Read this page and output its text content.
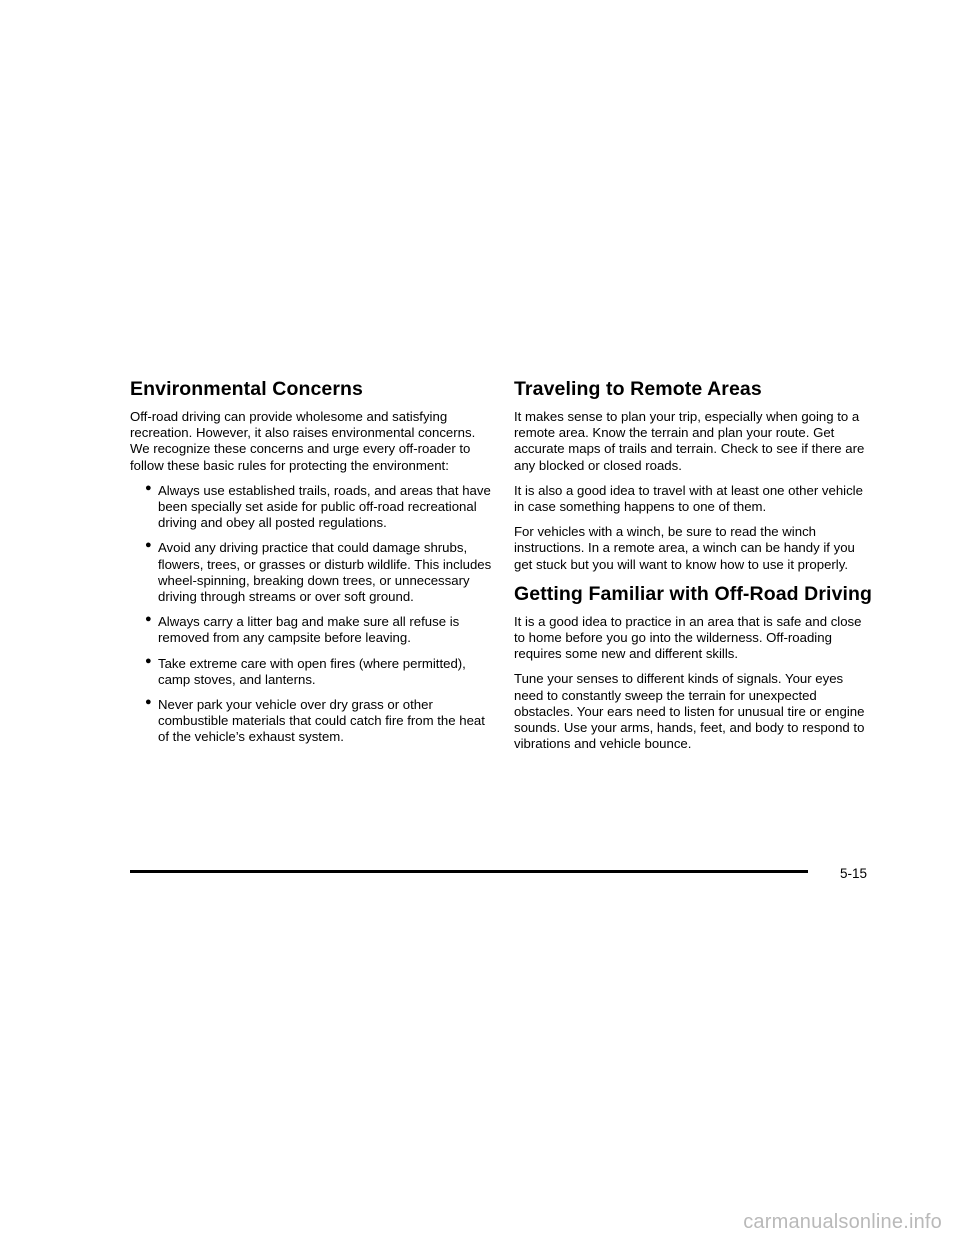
Environmental Concerns

Off-road driving can provide wholesome and satisfying recreation. However, it also raises environmental concerns. We recognize these concerns and urge every off-roader to follow these basic rules for protecting the environment:

● Always use established trails, roads, and areas that have been specially set aside for public off-road recreational driving and obey all posted regulations.
● Avoid any driving practice that could damage shrubs, flowers, trees, or grasses or disturb wildlife. This includes wheel-spinning, breaking down trees, or unnecessary driving through streams or over soft ground.
● Always carry a litter bag and make sure all refuse is removed from any campsite before leaving.
● Take extreme care with open fires (where permitted), camp stoves, and lanterns.
● Never park your vehicle over dry grass or other combustible materials that could catch fire from the heat of the vehicle’s exhaust system.
Traveling to Remote Areas

It makes sense to plan your trip, especially when going to a remote area. Know the terrain and plan your route. Get accurate maps of trails and terrain. Check to see if there are any blocked or closed roads.

It is also a good idea to travel with at least one other vehicle in case something happens to one of them.

For vehicles with a winch, be sure to read the winch instructions. In a remote area, a winch can be handy if you get stuck but you will want to know how to use it properly.

Getting Familiar with Off-Road Driving

It is a good idea to practice in an area that is safe and close to home before you go into the wilderness. Off-roading requires some new and different skills.

Tune your senses to different kinds of signals. Your eyes need to constantly sweep the terrain for unexpected obstacles. Your ears need to listen for unusual tire or engine sounds. Use your arms, hands, feet, and body to respond to vibrations and vehicle bounce.

5-15
carmanualsonline.info
